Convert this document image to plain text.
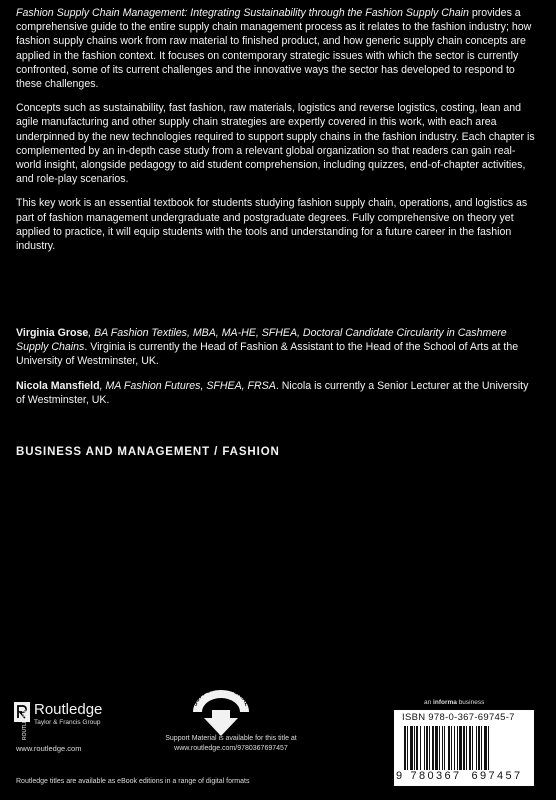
Fashion Supply Chain Management: Integrating Sustainability through the Fashion Supply Chain provides a comprehensive guide to the entire supply chain management process as it relates to the fashion industry; how fashion supply chains work from raw material to finished product, and how generic supply chain concepts are applied in the fashion context. It focuses on contemporary strategic issues with which the sector is currently confronted, some of its current challenges and the innovative ways the sector has developed to respond to these challenges.

Concepts such as sustainability, fast fashion, raw materials, logistics and reverse logistics, costing, lean and agile manufacturing and other supply chain strategies are expertly covered in this work, with each area underpinned by the new technologies required to support supply chains in the fashion industry. Each chapter is complemented by an in-depth case study from a relevant global organization so that readers can gain real-world insight, alongside pedagogy to aid student comprehension, including quizzes, end-of-chapter activities, and role-play scenarios.

This key work is an essential textbook for students studying fashion supply chain, operations, and logistics as part of fashion management undergraduate and postgraduate degrees. Fully comprehensive on theory yet applied to practice, it will equip students with the tools and understanding for a future career in the fashion industry.

Virginia Grose, BA Fashion Textiles, MBA, MA-HE, SFHEA, Doctoral Candidate Circularity in Cashmere Supply Chains. Virginia is currently the Head of Fashion & Assistant to the Head of the School of Arts at the University of Westminster, UK.

Nicola Mansfield, MA Fashion Futures, SFHEA, FRSA. Nicola is currently a Senior Lecturer at the University of Westminster, UK.

BUSINESS AND MANAGEMENT / FASHION
ROUTLEDGE Routledge
Taylor & Francis Group
www.routledge.com
Routledge titles are available as eBook editions in a range of digital formats
SUPPORT MATERIAL
Support Material is available for this title at
www.routledge.com/9780367697457
an informa business
ISBN 978-0-367-69745-7
9 780367 697457
